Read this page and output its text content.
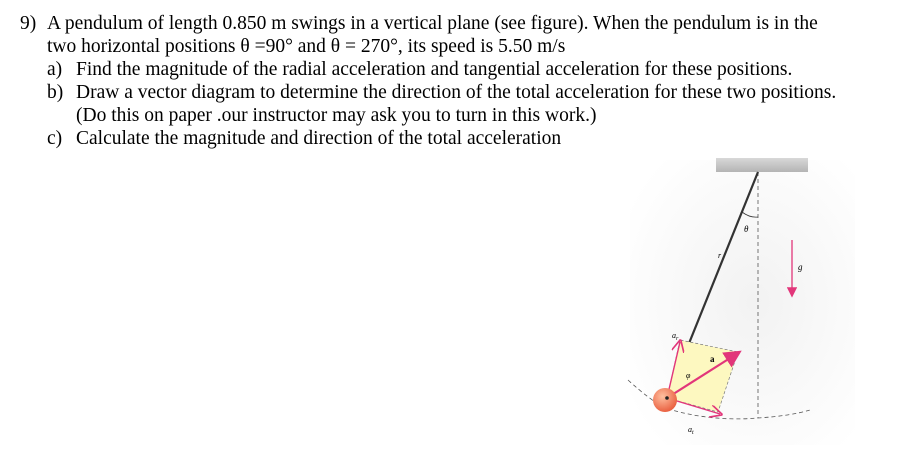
9) A pendulum of length 0.850 m swings in a vertical plane (see figure). When the pendulum is in the
two horizontal positions θ =90° and θ = 270°, its speed is 5.50 m/s
a) Find the magnitude of the radial acceleration and tangential acceleration for these positions.
b) Draw a vector diagram to determine the direction of the total acceleration for these two positions.
(Do this on paper .our instructor may ask you to turn in this work.)
c) Calculate the magnitude and direction of the total acceleration
θ
r
g
$a_r$
a
φ
$a_t$
